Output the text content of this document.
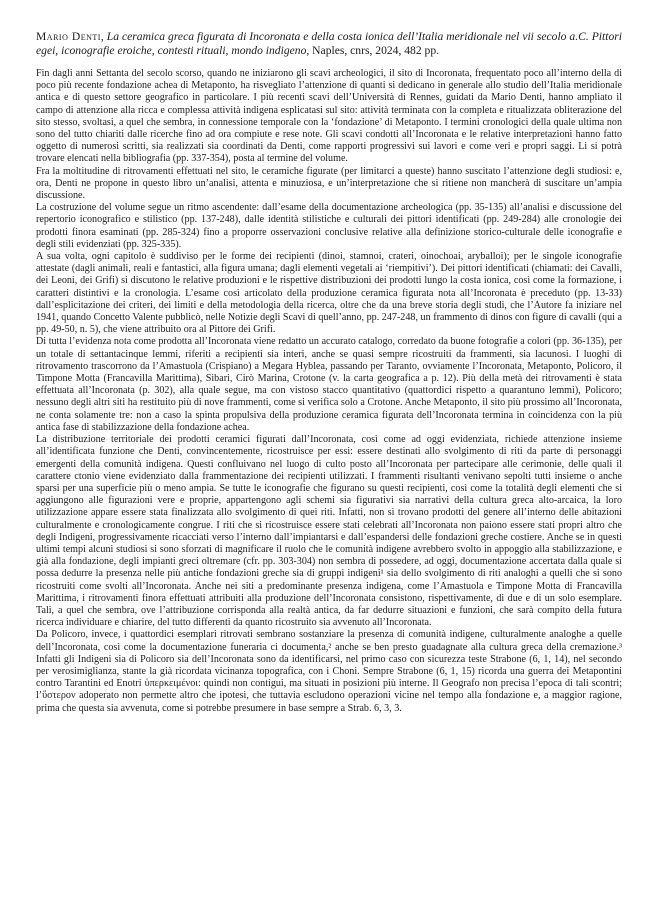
Mario Denti, La ceramica greca figurata di Incoronata e della costa ionica dell’Italia meridionale nel vii secolo a.C. Pittori egei, iconografie eroiche, contesti rituali, mondo indigeno, Naples, cnrs, 2024, 482 pp.

Fin dagli anni Settanta del secolo scorso, quando ne iniziarono gli scavi archeologici, il sito di Incoronata, frequentato poco all’interno della di poco più recente fondazione achea di Metaponto, ha risvegliato l’attenzione di quanti si dedicano in generale allo studio dell’Italia meridionale antica e di questo settore geografico in particolare. I più recenti scavi dell’Università di Rennes, guidati da Mario Denti, hanno ampliato il campo di attenzione alla ricca e complessa attività indigena esplicatasi sul sito: attività terminata con la completa e ritualizzata obliterazione del sito stesso, svoltasi, a quel che sembra, in connessione temporale con la ‘fondazione’ di Metaponto. I termini cronologici della quale ultima non sono del tutto chiariti dalle ricerche fino ad ora compiute e rese note. Gli scavi condotti all’Incoronata e le relative interpretazioni hanno fatto oggetto di numerosi scritti, sia realizzati sia coordinati da Denti, come rapporti progressivi sui lavori e come veri e propri saggi. Li si potrà trovare elencati nella bibliografia (pp. 337-354), posta al termine del volume.

Fra la moltitudine di ritrovamenti effettuati nel sito, le ceramiche figurate (per limitarci a queste) hanno suscitato l’attenzione degli studiosi: e, ora, Denti ne propone in questo libro un’analisi, attenta e minuziosa, e un’interpretazione che si ritiene non mancherà di suscitare un’ampia discussione.

La costruzione del volume segue un ritmo ascendente: dall’esame della documentazione archeologica (pp. 35-135) all’analisi e discussione del repertorio iconografico e stilistico (pp. 137-248), dalle identità stilistiche e culturali dei pittori identificati (pp. 249-284) alle cronologie dei prodotti finora esaminati (pp. 285-324) fino a proporre osservazioni conclusive relative alla definizione storico-culturale delle iconografie e degli stili evidenziati (pp. 325-335).

A sua volta, ogni capitolo è suddiviso per le forme dei recipienti (dinoi, stamnoi, crateri, oinochoai, aryballoi); per le singole iconografie attestate (dagli animali, reali e fantastici, alla figura umana; dagli elementi vegetali ai ‘riempitivi’). Dei pittori identificati (chiamati: dei Cavalli, dei Leoni, dei Grifi) si discutono le relative produzioni e le rispettive distribuzioni dei prodotti lungo la costa ionica, così come la formazione, i caratteri distintivi e la cronologia. L’esame così articolato della produzione ceramica figurata nota all’Incoronata è preceduto (pp. 13-33) dall’esplicitazione dei criteri, dei limiti e della metodologia della ricerca, oltre che da una breve storia degli studi, che l’Autore fa iniziare nel 1941, quando Concetto Valente pubblicò, nelle Notizie degli Scavi di quell’anno, pp. 247-248, un frammento di dinos con figure di cavalli (qui a pp. 49-50, n. 5), che viene attribuito ora al Pittore dei Grifi.

Di tutta l’evidenza nota come prodotta all’Incoronata viene redatto un accurato catalogo, corredato da buone fotografie a colori (pp. 36-135), per un totale di settantacinque lemmi, riferiti a recipienti sia interi, anche se quasi sempre ricostruiti da frammenti, sia lacunosi. I luoghi di ritrovamento trascorrono da l’Amastuola (Crispiano) a Megara Hyblea, passando per Taranto, ovviamente l’Incoronata, Metaponto, Policoro, il Timpone Motta (Francavilla Marittima), Sibari, Cirò Marina, Crotone (v. la carta geografica a p. 12). Più della metà dei ritrovamenti è stata effettuata all’Incoronata (p. 302), alla quale segue, ma con vistoso stacco quantitativo (quattordici rispetto a quarantuno lemmi), Policoro; nessuno degli altri siti ha restituito più di nove frammenti, come si verifica solo a Crotone. Anche Metaponto, il sito più prossimo all’Incoronata, ne conta solamente tre: non a caso la spinta propulsiva della produzione ceramica figurata dell’Incoronata termina in coincidenza con la più antica fase di stabilizzazione della fondazione achea.

La distribuzione territoriale dei prodotti ceramici figurati dall’Incoronata, così come ad oggi evidenziata, richiede attenzione insieme all’identificata funzione che Denti, convincentemente, ricostruisce per essi: essere destinati allo svolgimento di riti da parte di personaggi emergenti della comunità indigena. Questi confluivano nel luogo di culto posto all’Incoronata per partecipare alle cerimonie, delle quali il carattere ctonio viene evidenziato dalla frammentazione dei recipienti utilizzati. I frammenti risultanti venivano sepolti tutti insieme o anche sparsi per una superficie più o meno ampia. Se tutte le iconografie che figurano su questi recipienti, così come la totalità degli elementi che si aggiungono alle figurazioni vere e proprie, appartengono agli schemi sia figurativi sia narrativi della cultura greca alto-arcaica, la loro utilizzazione appare essere stata finalizzata allo svolgimento di quei riti. Infatti, non si trovano prodotti del genere all’interno delle abitazioni culturalmente e cronologicamente congrue. I riti che si ricostruisce essere stati celebrati all’Incoronata non paiono essere stati propri altro che degli Indigeni, progressivamente ricacciati verso l’interno dall’impiantarsi e dall’espandersi delle fondazioni greche costiere. Anche se in questi ultimi tempi alcuni studiosi si sono sforzati di magnificare il ruolo che le comunità indigene avrebbero svolto in appoggio alla stabilizzazione, e già alla fondazione, degli impianti greci oltremare (cfr. pp. 303-304) non sembra di possedere, ad oggi, documentazione accertata dalla quale si possa dedurre la presenza nelle più antiche fondazioni greche sia di gruppi indigeni¹ sia dello svolgimento di riti analoghi a quelli che si sono ricostruiti come svolti all’Incoronata. Anche nei siti a predominante presenza indigena, come l’Amastuola e Timpone Motta di Francavilla Marittima, i ritrovamenti finora effettuati attribuiti alla produzione dell’Incoronata consistono, rispettivamente, di due e di un solo esemplare. Tali, a quel che sembra, ove l’attribuzione corrisponda alla realtà antica, da far dedurre situazioni e funzioni, che sarà compito della futura ricerca individuare e chiarire, del tutto differenti da quanto ricostruito sia avvenuto all’Incoronata.

Da Policoro, invece, i quattordici esemplari ritrovati sembrano sostanziare la presenza di comunità indigene, culturalmente analoghe a quelle dell’Incoronata, così come la documentazione funeraria ci documenta,² anche se ben presto guadagnate alla cultura greca della cremazione.³ Infatti gli Indigeni sia di Policoro sia dell’Incoronata sono da identificarsi, nel primo caso con sicurezza teste Strabone (6, 1, 14), nel secondo per verosimiglianza, stante la già ricordata vicinanza topografica, con i Choni. Sempre Strabone (6, 1, 15) ricorda una guerra dei Metapontini contro Tarantini ed Enotri ὑπερκειμένοι: quindi non contigui, ma situati in posizioni più interne. Il Geografo non precisa l’epoca di tali scontri; l’ὕστερον adoperato non permette altro che ipotesi, che tuttavia escludono operazioni vicine nel tempo alla fondazione e, a maggior ragione, prima che questa sia avvenuta, come si potrebbe presumere in base sempre a Strab. 6, 3, 3.
